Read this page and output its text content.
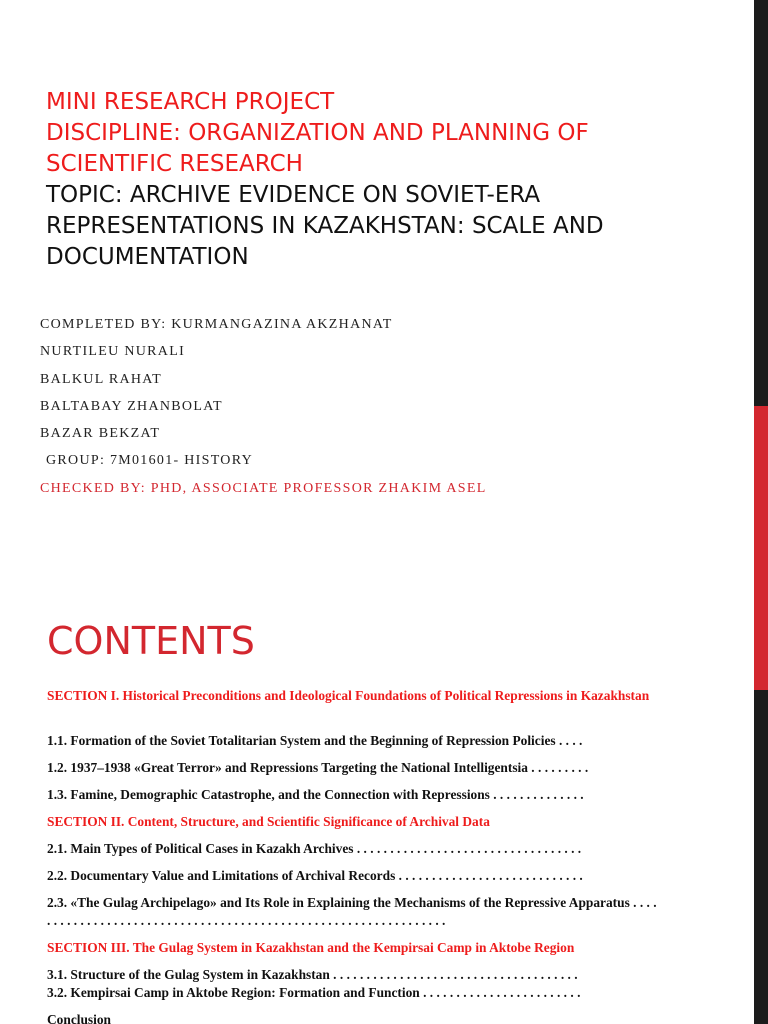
MINI RESEARCH PROJECT
DISCIPLINE: ORGANIZATION AND PLANNING OF SCIENTIFIC RESEARCH
TOPIC: ARCHIVE EVIDENCE ON SOVIET-ERA REPRESENTATIONS IN KAZAKHSTAN: SCALE AND DOCUMENTATION
COMPLETED BY: KURMANGAZINA AKZHANAT
NURTILEU NURALI
BALKUL RAHAT
BALTABAY ZHANBOLAT
BAZAR BEKZAT
GROUP: 7M01601- HISTORY
CHECKED BY: PHD, ASSOCIATE PROFESSOR ZHAKIM ASEL
CONTENTS
SECTION I. Historical Preconditions and Ideological Foundations of Political Repressions in Kazakhstan
1.1. Formation of the Soviet Totalitarian System and the Beginning of Repression Policies . . . .
1.2. 1937–1938 «Great Terror» and Repressions Targeting the National Intelligentsia . . . . . . . . .
1.3. Famine, Demographic Catastrophe, and the Connection with Repressions . . . . . . . . . . . . . .
SECTION II. Content, Structure, and Scientific Significance of Archival Data
2.1. Main Types of Political Cases in Kazakh Archives . . . . . . . . . . . . . . . . . . . . . . . . . . . . . . . . . .
2.2. Documentary Value and Limitations of Archival Records . . . . . . . . . . . . . . . . . . . . . . . . . . . .
2.3. «The Gulag Archipelago» and Its Role in Explaining the Mechanisms of the Repressive Apparatus . . . . . . . . . . . . . . . . . . . . . . . . . . . . . . . . . . . . . . . . . . . . . . . . . . . . . . . . . . . . . . . .
SECTION III. The Gulag System in Kazakhstan and the Kempirsai Camp in Aktobe Region
3.1. Structure of the Gulag System in Kazakhstan . . . . . . . . . . . . . . . . . . . . . . . . . . . . . . . . . . . . .
3.2. Kempirsai Camp in Aktobe Region: Formation and Function . . . . . . . . . . . . . . . . . . . . . . . .
Conclusion
